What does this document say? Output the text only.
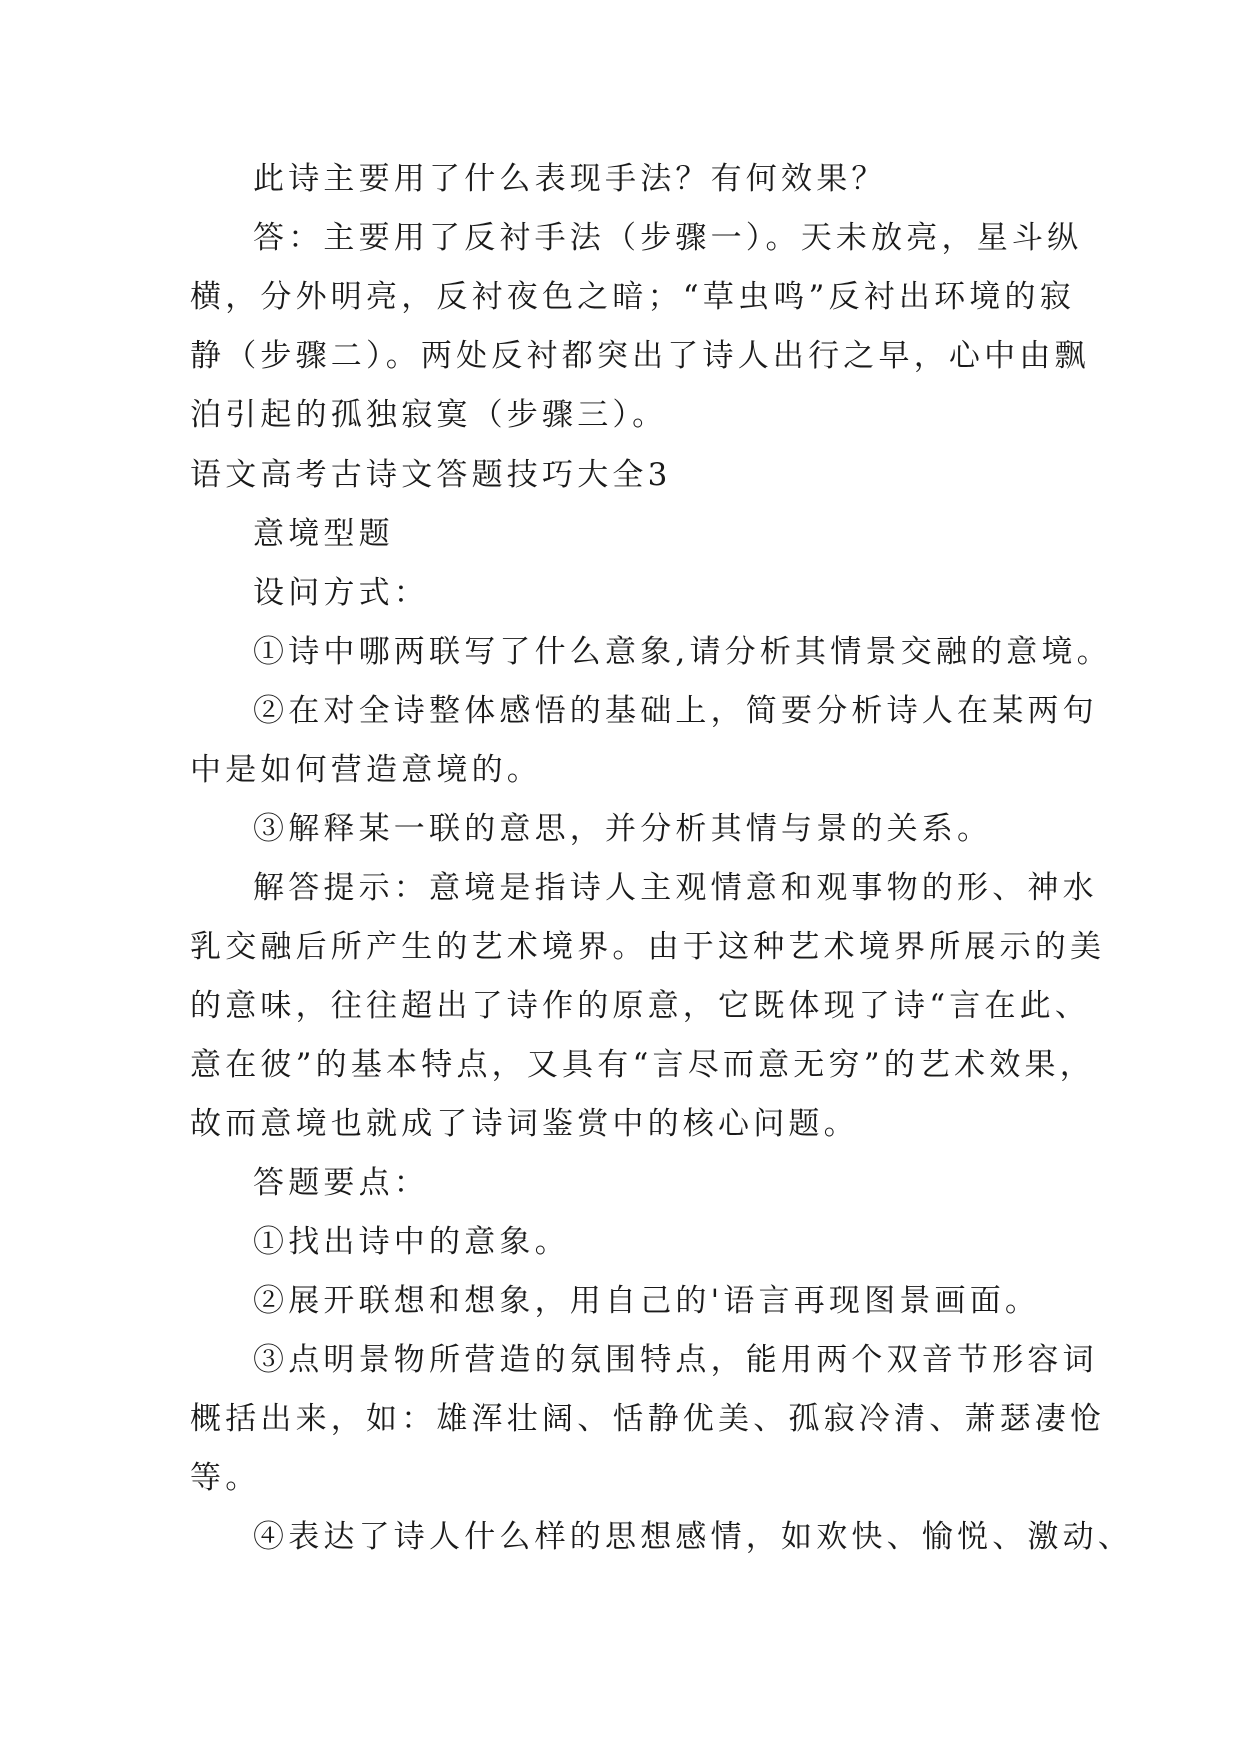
此诗主要用了什么表现手法？有何效果？
答：主要用了反衬手法（步骤一）。天未放亮，星斗纵
横，分外明亮，反衬夜色之暗；“草虫鸣”反衬出环境的寂
静（步骤二）。两处反衬都突出了诗人出行之早，心中由飘
泊引起的孤独寂寞（步骤三）。
语文高考古诗文答题技巧大全3
意境型题
设问方式：
①诗中哪两联写了什么意象,请分析其情景交融的意境。
②在对全诗整体感悟的基础上，简要分析诗人在某两句
中是如何营造意境的。
③解释某一联的意思，并分析其情与景的关系。
解答提示：意境是指诗人主观情意和观事物的形、神水
乳交融后所产生的艺术境界。由于这种艺术境界所展示的美
的意味，往往超出了诗作的原意，它既体现了诗“言在此、
意在彼”的基本特点，又具有“言尽而意无穷”的艺术效果，
故而意境也就成了诗词鉴赏中的核心问题。
答题要点：
①找出诗中的意象。
②展开联想和想象，用自己的'语言再现图景画面。
③点明景物所营造的氛围特点，能用两个双音节形容词
概括出来，如：雄浑壮阔、恬静优美、孤寂冷清、萧瑟凄怆
等。
④表达了诗人什么样的思想感情，如欢快、愉悦、激动、
